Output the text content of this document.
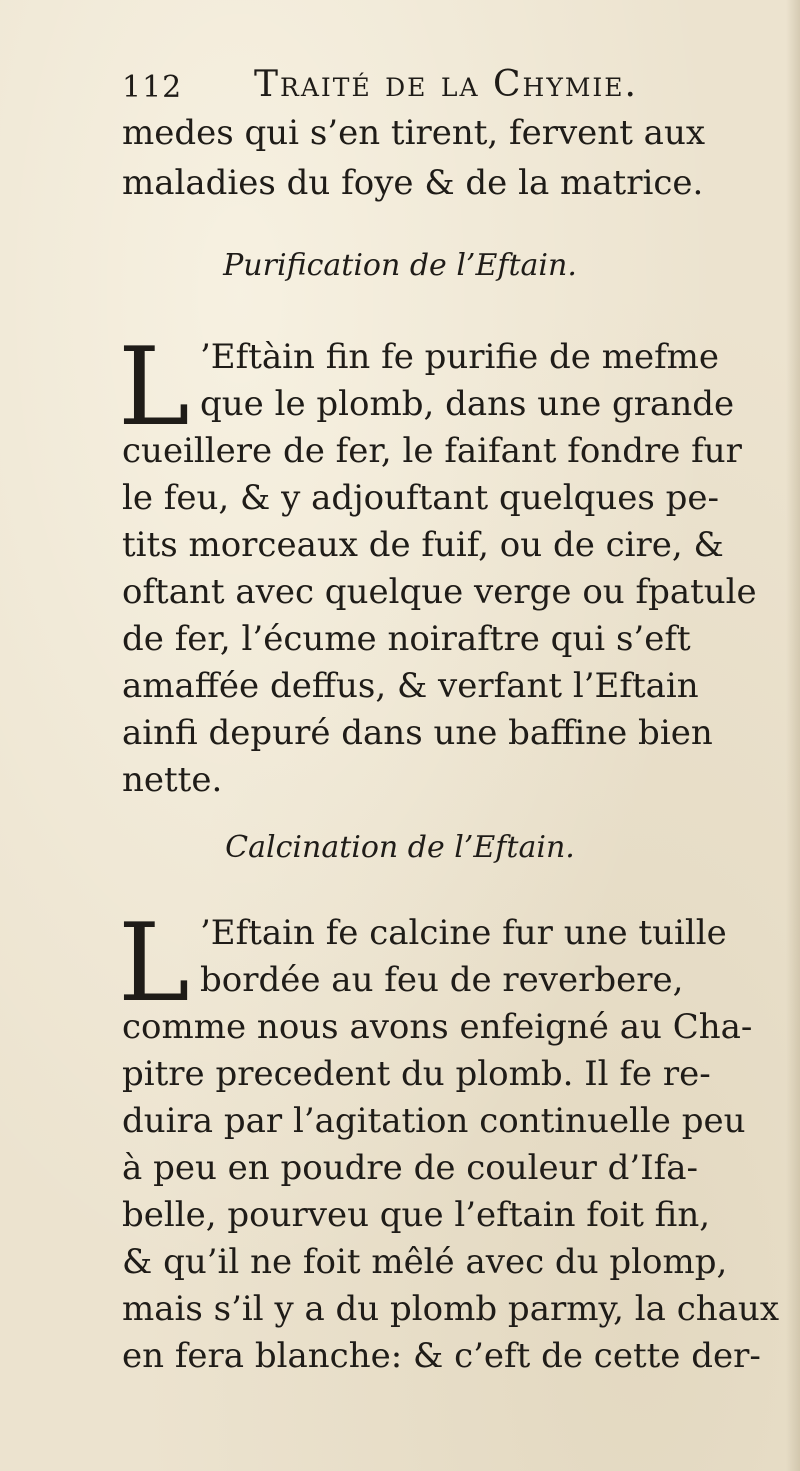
112 Traité de la Chymie.
medes qui s’en tirent, fervent aux
maladies du foye & de la matrice.
Purification de l’Eftain.
L ’Eftàin fin fe purifie de mefme
que le plomb, dans une grande
cueillere de fer, le faifant fondre fur
le feu, & y adjouftant quelques pe-
tits morceaux de fuif, ou de cire, &
oftant avec quelque verge ou fpatule
de fer, l’écume noiraftre qui s’eft
amaffée deffus, & verfant l’Eftain
ainfi depuré dans une baffine bien
nette.
Calcination de l’Eftain.
L ’Eftain fe calcine fur une tuille
bordée au feu de reverbere,
comme nous avons enfeigné au Cha-
pitre precedent du plomb. Il fe re-
duira par l’agitation continuelle peu
à peu en poudre de couleur d’Ifa-
belle, pourveu que l’eftain foit fin,
& qu’il ne foit mêlé avec du plomp,
mais s’il y a du plomb parmy, la chaux
en fera blanche: & c’eft de cette der-
